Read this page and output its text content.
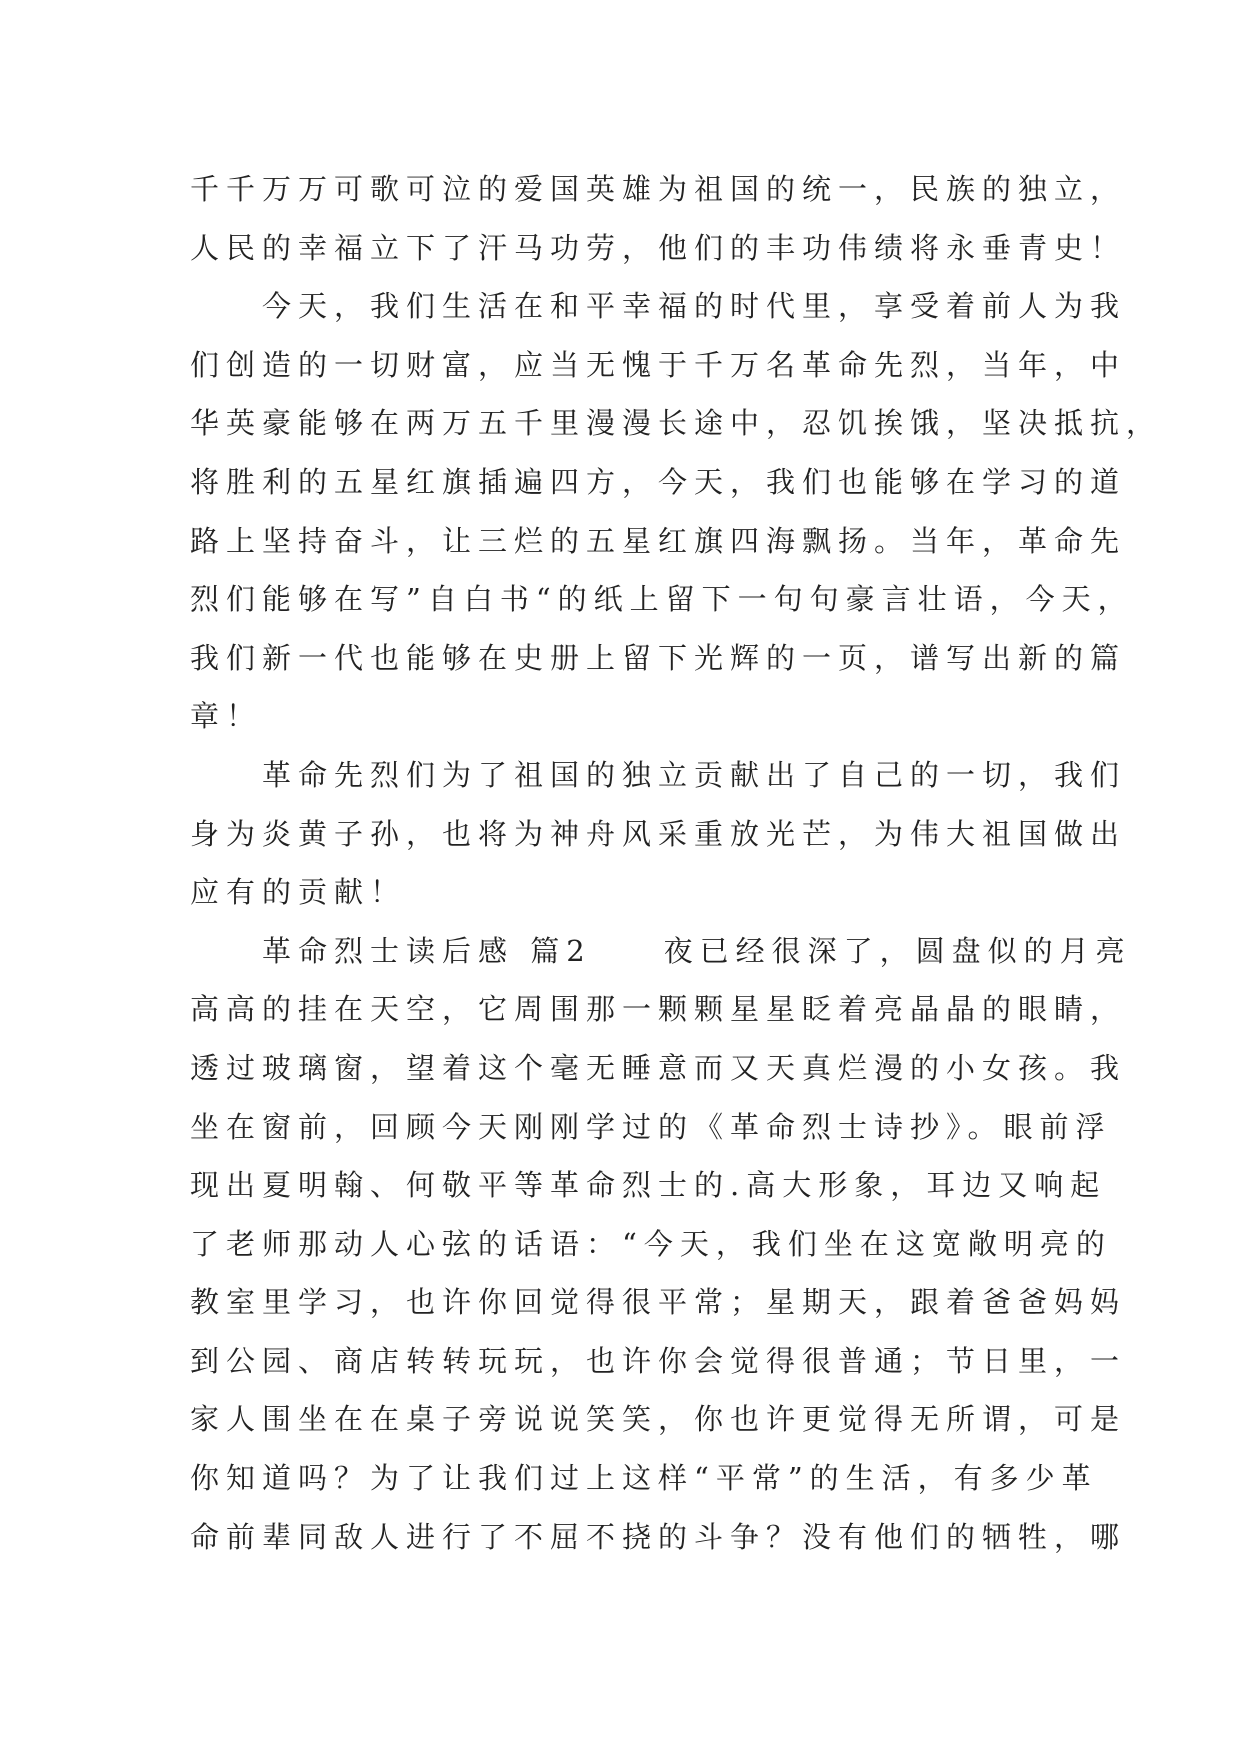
千千万万可歌可泣的爱国英雄为祖国的统一，民族的独立，
人民的幸福立下了汗马功劳，他们的丰功伟绩将永垂青史！
　　今天，我们生活在和平幸福的时代里，享受着前人为我
们创造的一切财富，应当无愧于千万名革命先烈，当年，中
华英豪能够在两万五千里漫漫长途中，忍饥挨饿，坚决抵抗，
将胜利的五星红旗插遍四方，今天，我们也能够在学习的道
路上坚持奋斗，让三烂的五星红旗四海飘扬。当年，革命先
烈们能够在写”自白书“的纸上留下一句句豪言壮语，今天，
我们新一代也能够在史册上留下光辉的一页，谱写出新的篇
章！
　　革命先烈们为了祖国的独立贡献出了自己的一切，我们
身为炎黄子孙，也将为神舟风采重放光芒，为伟大祖国做出
应有的贡献！
　　革命烈士读后感 篇2　　夜已经很深了，圆盘似的月亮
高高的挂在天空，它周围那一颗颗星星眨着亮晶晶的眼睛，
透过玻璃窗，望着这个毫无睡意而又天真烂漫的小女孩。我
坐在窗前，回顾今天刚刚学过的《革命烈士诗抄》。眼前浮
现出夏明翰、何敬平等革命烈士的.高大形象，耳边又响起
了老师那动人心弦的话语：“今天，我们坐在这宽敞明亮的
教室里学习，也许你回觉得很平常；星期天，跟着爸爸妈妈
到公园、商店转转玩玩，也许你会觉得很普通；节日里，一
家人围坐在在桌子旁说说笑笑，你也许更觉得无所谓，可是
你知道吗？为了让我们过上这样“平常”的生活，有多少革
命前辈同敌人进行了不屈不挠的斗争？没有他们的牺牲，哪
